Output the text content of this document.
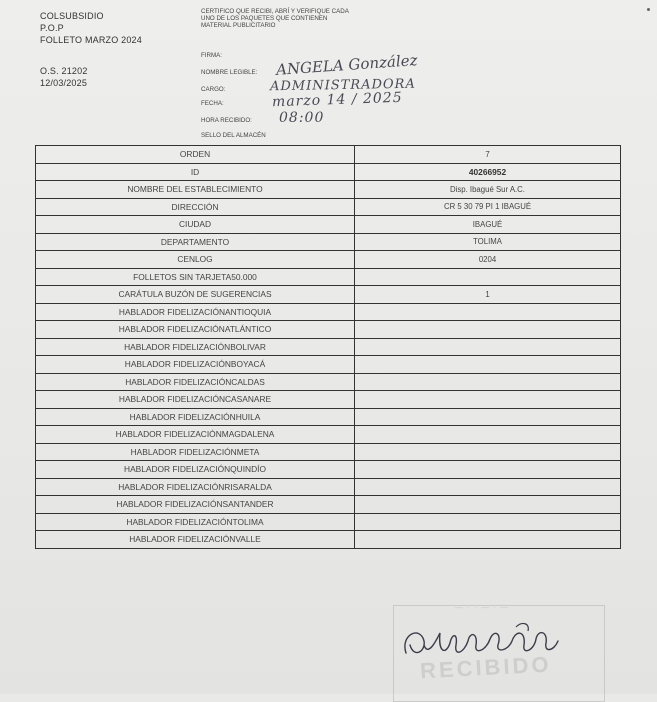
COLSUBSIDIO
P.O.P
FOLLETO MARZO 2024
O.S. 21202
12/03/2025
CERTIFICO QUE RECIBI, ABRÍ Y VERIFIQUE CADA UNO DE LOS PAQUETES QUE CONTIENEN MATERIAL PUBLICITARIO
FIRMA:
NOMBRE LEGIBLE: ANGELA González
CARGO:	ADMINISTRADORA
FECHA:	marzo 14 / 2025
HORA RECIBIDO: 08:00
SELLO DEL ALMACÉN
ORDEN	7
ID	40266952
NOMBRE DEL ESTABLECIMIENTO	Disp. Ibagué Sur A.C.
DIRECCIÓN	CR 5 30 79 PI 1 IBAGUÉ
CIUDAD	IBAGUÉ
DEPARTAMENTO	TOLIMA
CENLOG	0204
FOLLETOS SIN TARJETA50.000	
CARÁTULA BUZÓN DE SUGERENCIAS	1
HABLADOR FIDELIZACIÓNANTIOQUIA	
HABLADOR FIDELIZACIÓNATLÁNTICO	
HABLADOR FIDELIZACIÓNBOLIVAR	
HABLADOR FIDELIZACIÓNBOYACÁ	
HABLADOR FIDELIZACIÓNCALDAS	
HABLADOR FIDELIZACIÓNCASANARE	
HABLADOR FIDELIZACIÓNHUILA	
HABLADOR FIDELIZACIÓNMAGDALENA	
HABLADOR FIDELIZACIÓNMETA	
HABLADOR FIDELIZACIÓNQUINDÍO	
HABLADOR FIDELIZACIÓNRISARALDA	
HABLADOR FIDELIZACIÓNSANTANDER	
HABLADOR FIDELIZACIÓNTOLIMA	
HABLADOR FIDELIZACIÓNVALLE	
— · · — · —
RECIBIDO
